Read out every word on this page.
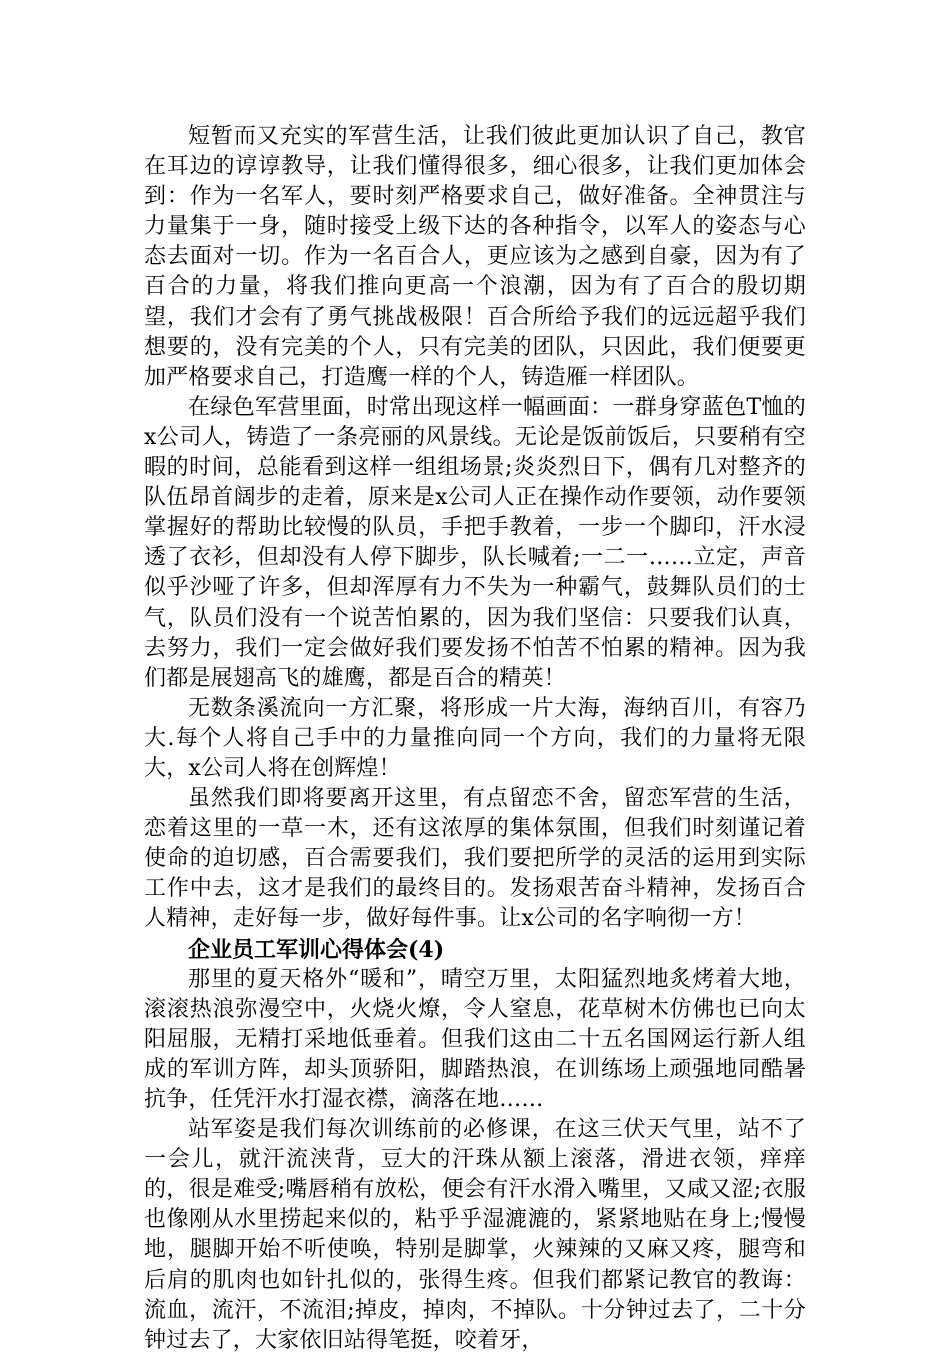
短暂而又充实的军营生活，让我们彼此更加认识了自己，教官在耳边的谆谆教导，让我们懂得很多，细心很多，让我们更加体会到：作为一名军人，要时刻严格要求自己，做好准备。全神贯注与力量集于一身，随时接受上级下达的各种指令，以军人的姿态与心态去面对一切。作为一名百合人，更应该为之感到自豪，因为有了百合的力量，将我们推向更高一个浪潮，因为有了百合的殷切期望，我们才会有了勇气挑战极限！百合所给予我们的远远超乎我们想要的，没有完美的个人，只有完美的团队，只因此，我们便要更加严格要求自己，打造鹰一样的个人，铸造雁一样团队。

在绿色军营里面，时常出现这样一幅画面：一群身穿蓝色T恤的x公司人，铸造了一条亮丽的风景线。无论是饭前饭后，只要稍有空暇的时间，总能看到这样一组组场景;炎炎烈日下，偶有几对整齐的队伍昂首阔步的走着，原来是x公司人正在操作动作要领，动作要领掌握好的帮助比较慢的队员，手把手教着，一步一个脚印，汗水浸透了衣衫，但却没有人停下脚步，队长喊着;一二一……立定，声音似乎沙哑了许多，但却浑厚有力不失为一种霸气，鼓舞队员们的士气，队员们没有一个说苦怕累的，因为我们坚信：只要我们认真，去努力，我们一定会做好我们要发扬不怕苦不怕累的精神。因为我们都是展翅高飞的雄鹰，都是百合的精英！

无数条溪流向一方汇聚，将形成一片大海，海纳百川，有容乃大.每个人将自己手中的力量推向同一个方向，我们的力量将无限大，x公司人将在创辉煌！

虽然我们即将要离开这里，有点留恋不舍，留恋军营的生活，恋着这里的一草一木，还有这浓厚的集体氛围，但我们时刻谨记着使命的迫切感，百合需要我们，我们要把所学的灵活的运用到实际工作中去，这才是我们的最终目的。发扬艰苦奋斗精神，发扬百合人精神，走好每一步，做好每件事。让x公司的名字响彻一方！

企业员工军训心得体会(4)

那里的夏天格外“暖和”，晴空万里，太阳猛烈地炙烤着大地，滚滚热浪弥漫空中，火烧火燎，令人窒息，花草树木仿佛也已向太阳屈服，无精打采地低垂着。但我们这由二十五名国网运行新人组成的军训方阵，却头顶骄阳，脚踏热浪，在训练场上顽强地同酷暑抗争，任凭汗水打湿衣襟，滴落在地……

站军姿是我们每次训练前的必修课，在这三伏天气里，站不了一会儿，就汗流浃背，豆大的汗珠从额上滚落，滑进衣领，痒痒的，很是难受;嘴唇稍有放松，便会有汗水滑入嘴里，又咸又涩;衣服也像刚从水里捞起来似的，粘乎乎湿漉漉的，紧紧地贴在身上;慢慢地，腿脚开始不听使唤，特别是脚掌，火辣辣的又麻又疼，腿弯和后肩的肌肉也如针扎似的，张得生疼。但我们都紧记教官的教诲：流血，流汗，不流泪;掉皮，掉肉，不掉队。十分钟过去了，二十分钟过去了，大家依旧站得笔挺，咬着牙，
